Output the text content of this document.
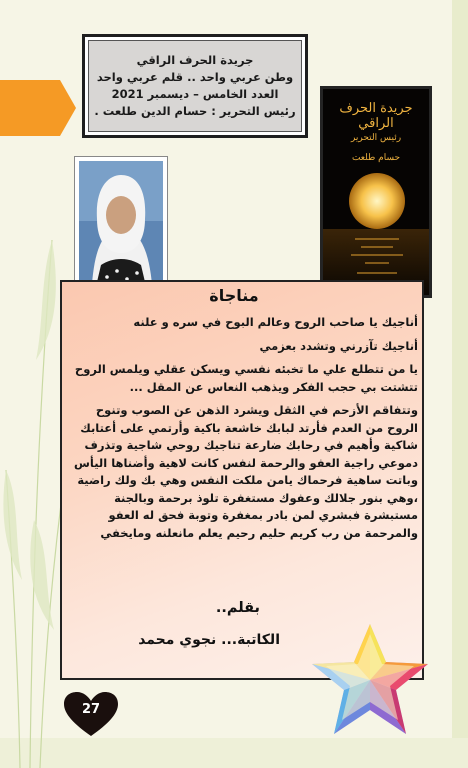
جريدة الحرف الراقي
وطن عربي واحد .. قلم عربي واحد
العدد الخامس – ديسمبر 2021
رئيس التحرير : حسام الدين طلعت .	جريدة الحرف الراقي
رئيس التحرير
حسام طلعت
مناجاة

أناجيك يا صاحب الروح وعالم البوح في سره و علنه

أناجيك تآزرني وتشدد بعزمي

يا من تتطلع علي ما تخبئه نفسي ويسكن عقلي ويلمس الروح تتشتت بي حجب الفكر ويذهب النعاس عن المقل ...

وتتفاقم الأزحم في الثقل ويشرد الذهن عن الصوب وتنوح الروح من العدم فأرتد لبابك خاشعة باكية وأرتمي على أعتابك شاكية وأهيم في رحابك ضارعة تناجيك روحي شاجية وتذرف دموعي راجية العفو والرحمة لنفس كانت لاهية وأضناها اليأس وباتت ساهية فرحماك يامن ملكت النفس وهي بك ولك راضية ،وهي بنور جلالك وعفوك مستغفرة تلوذ برحمة وبالجنة مستبشرة فبشري لمن بادر بمغفرة وتوبة فحق له العفو والمرحمة من رب كريم حليم رحيم يعلم مانعلنه ومايخفي

بقلم..
الكاتبة... نجوي محمد
27
